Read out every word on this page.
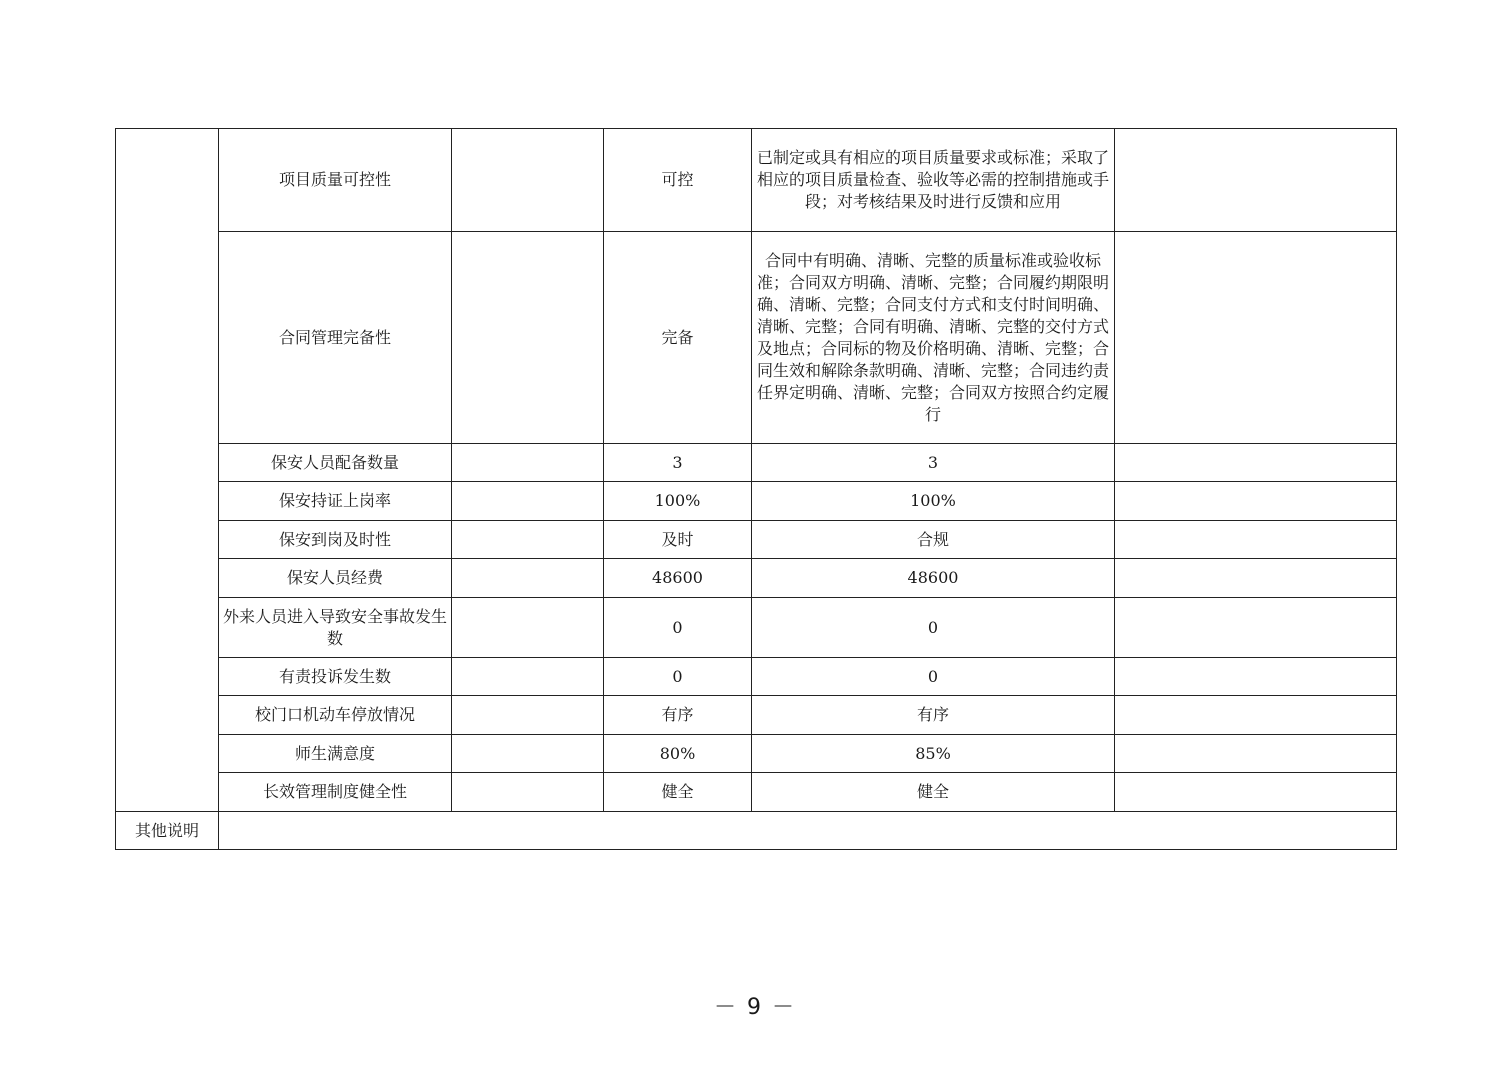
	项目质量可控性		可控	已制定或具有相应的项目质量要求或标准；采取了相应的项目质量检查、验收等必需的控制措施或手段；对考核结果及时进行反馈和应用	
	合同管理完备性		完备	合同中有明确、清晰、完整的质量标准或验收标准；合同双方明确、清晰、完整；合同履约期限明确、清晰、完整；合同支付方式和支付时间明确、清晰、完整；合同有明确、清晰、完整的交付方式及地点；合同标的物及价格明确、清晰、完整；合同生效和解除条款明确、清晰、完整；合同违约责任界定明确、清晰、完整；合同双方按照合约定履行	
	保安人员配备数量		3	3	
	保安持证上岗率		100%	100%	
	保安到岗及时性		及时	合规	
	保安人员经费		48600	48600	
	外来人员进入导致安全事故发生数		0	0	
	有责投诉发生数		0	0	
	校门口机动车停放情况		有序	有序	
	师生满意度		80%	85%	
	长效管理制度健全性		健全	健全	
其他说明					
－ 9 －
